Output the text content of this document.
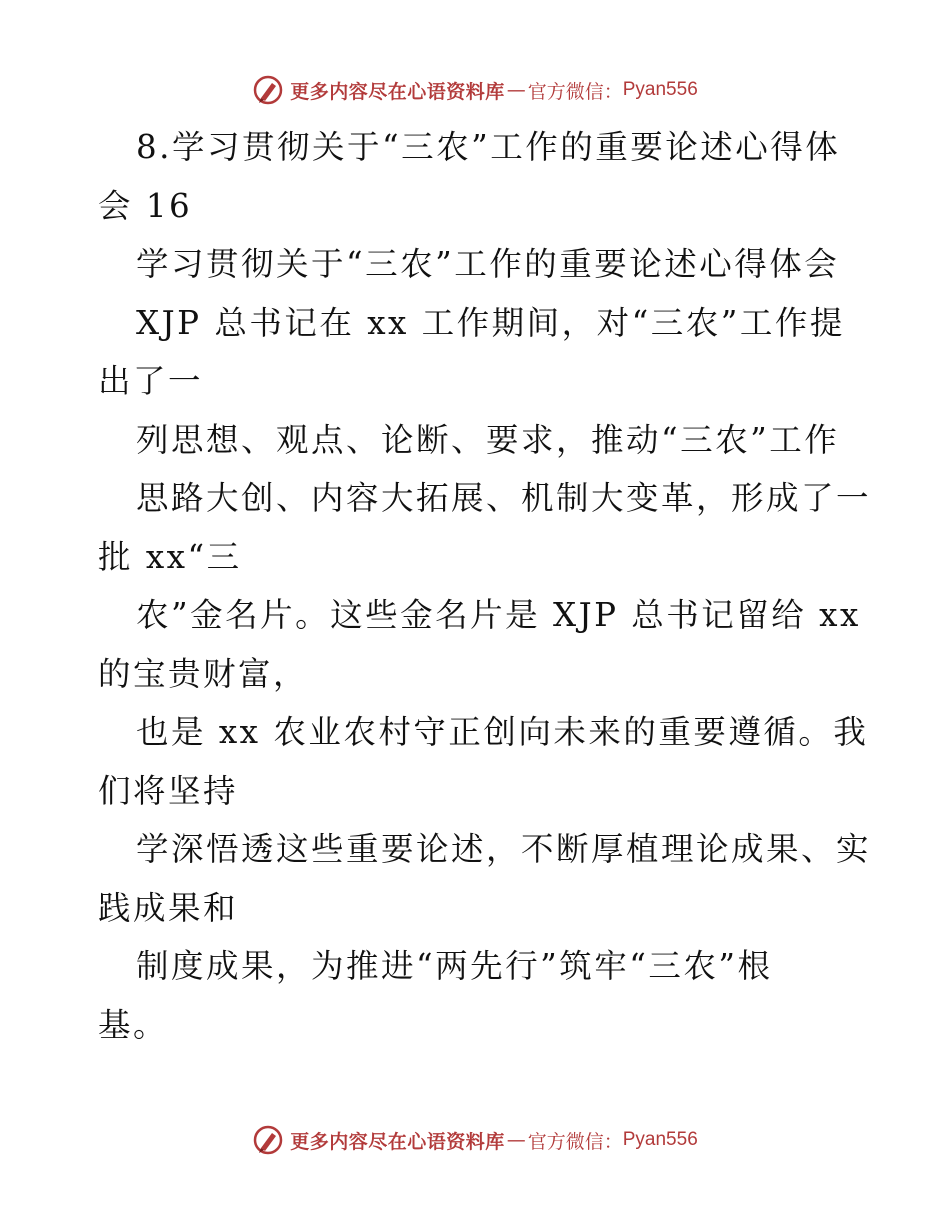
更多内容尽在心语资料库 — 官方微信： Pyan556
8.学习贯彻关于“三农”工作的重要论述心得体
会 16
学习贯彻关于“三农”工作的重要论述心得体会
XJP 总书记在 xx 工作期间，对“三农”工作提
出了一
列思想、观点、论断、要求，推动“三农”工作
思路大创、内容大拓展、机制大变革，形成了一
批 xx“三
农”金名片。这些金名片是 XJP 总书记留给 xx
的宝贵财富，
也是 xx 农业农村守正创向未来的重要遵循。我
们将坚持
学深悟透这些重要论述，不断厚植理论成果、实
践成果和
制度成果，为推进“两先行”筑牢“三农”根
基。
更多内容尽在心语资料库 — 官方微信： Pyan556
